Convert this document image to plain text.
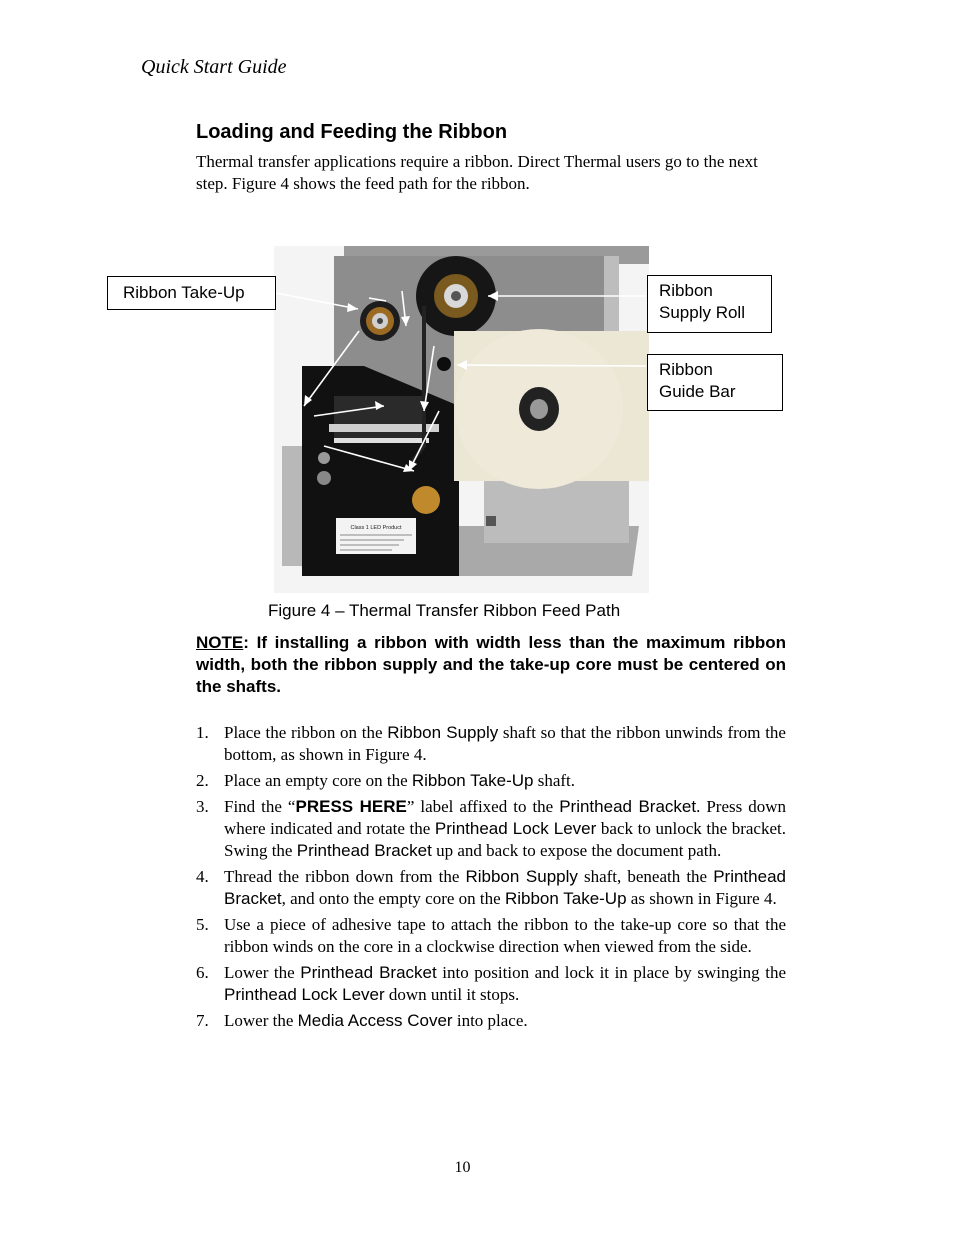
Quick Start Guide
Loading and Feeding the Ribbon
Thermal transfer applications require a ribbon. Direct Thermal users go to the next step. Figure 4 shows the feed path for the ribbon.
Class 1 LED Product
Ribbon Take-Up	Ribbon
Supply Roll
Ribbon
Guide Bar
Figure 4 – Thermal Transfer Ribbon Feed Path
NOTE: If installing a ribbon with width less than the maximum ribbon width, both the ribbon supply and the take-up core must be centered on the shafts.
1. Place the ribbon on the Ribbon Supply shaft so that the ribbon unwinds from the bottom, as shown in Figure 4.
2. Place an empty core on the Ribbon Take-Up shaft.
3. Find the “PRESS HERE” label affixed to the Printhead Bracket. Press down where indicated and rotate the Printhead Lock Lever back to unlock the bracket. Swing the Printhead Bracket up and back to expose the document path.
4. Thread the ribbon down from the Ribbon Supply shaft, beneath the Printhead Bracket, and onto the empty core on the Ribbon Take-Up as shown in Figure 4.
5. Use a piece of adhesive tape to attach the ribbon to the take-up core so that the ribbon winds on the core in a clockwise direction when viewed from the side.
6. Lower the Printhead Bracket into position and lock it in place by swinging the Printhead Lock Lever down until it stops.
7. Lower the Media Access Cover into place.
10
